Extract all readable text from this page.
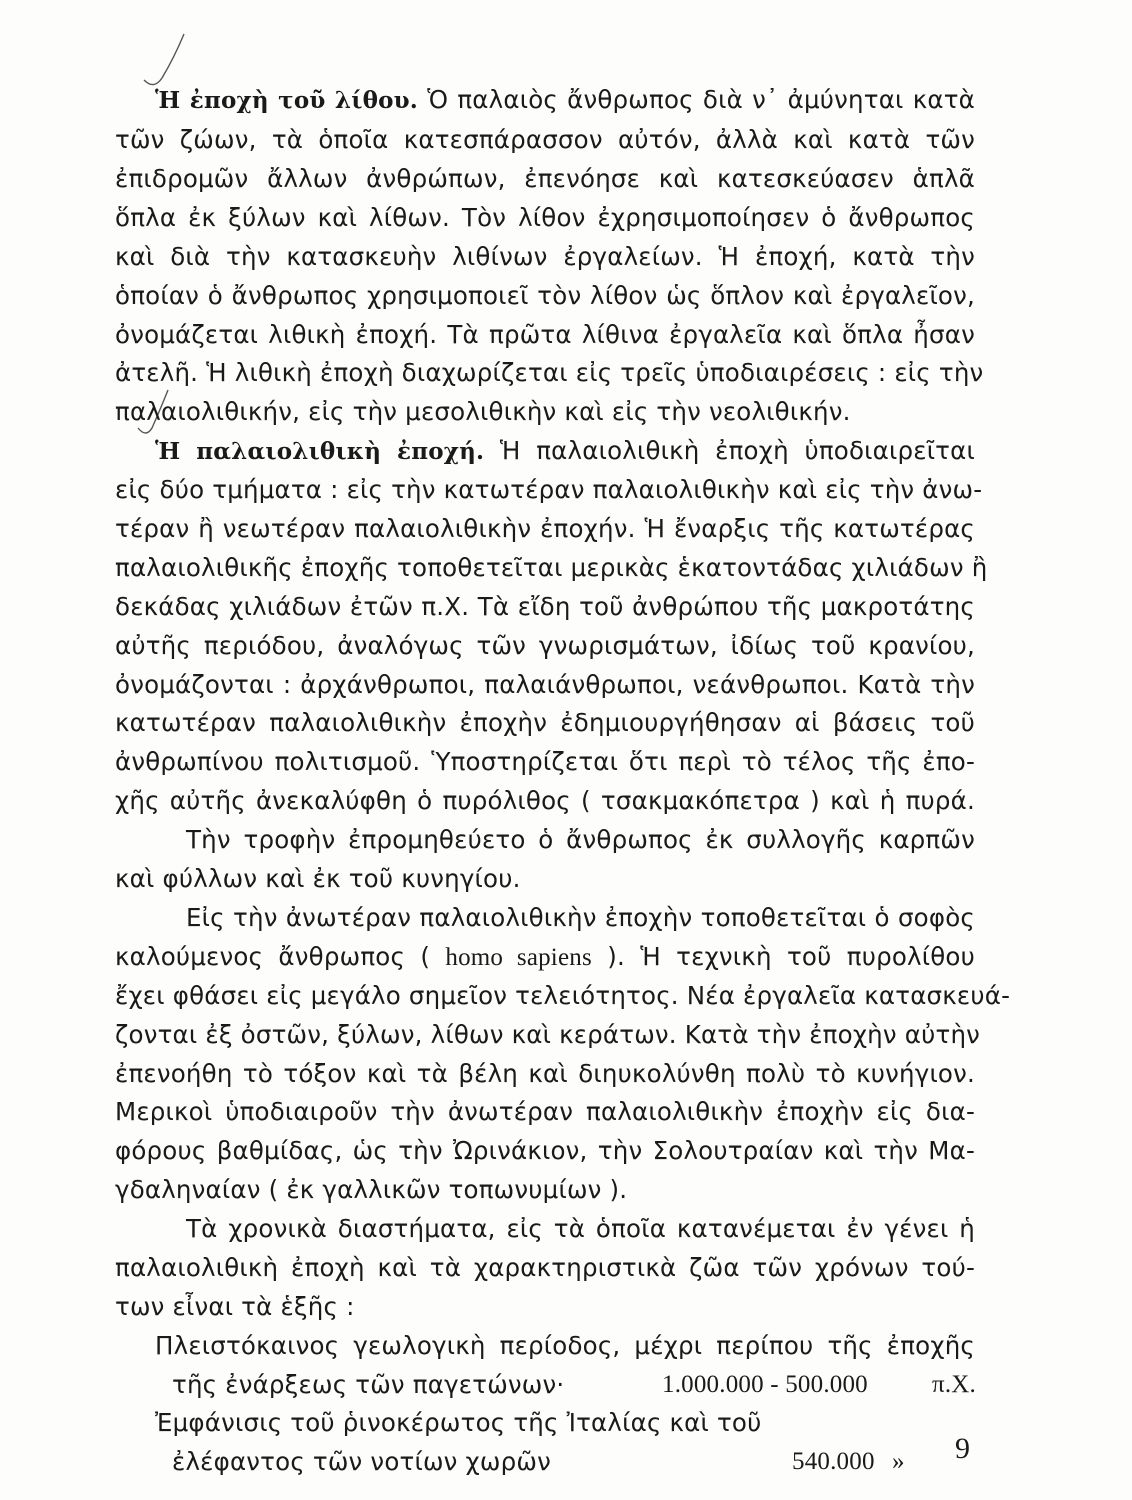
Ἡ ἐποχὴ τοῦ λίθου. Ὁ παλαιὸς ἄνθρωπος διὰ ν᾿ ἀμύνηται κατὰ
τῶν ζώων, τὰ ὁποῖα κατεσπάρασσον αὐτόν, ἀλλὰ καὶ κατὰ τῶν
ἐπιδρομῶν ἄλλων ἀνθρώπων, ἐπενόησε καὶ κατεσκεύασεν ἁπλᾶ
ὅπλα ἐκ ξύλων καὶ λίθων. Τὸν λίθον ἐχρησιμοποίησεν ὁ ἄνθρωπος
καὶ διὰ τὴν κατασκευὴν λιθίνων ἐργαλείων. Ἡ ἐποχή, κατὰ τὴν
ὁποίαν ὁ ἄνθρωπος χρησιμοποιεῖ τὸν λίθον ὡς ὅπλον καὶ ἐργαλεῖον,
ὀνομάζεται λιθικὴ ἐποχή. Τὰ πρῶτα λίθινα ἐργαλεῖα καὶ ὅπλα ἦσαν
ἀτελῆ. Ἡ λιθικὴ ἐποχὴ διαχωρίζεται εἰς τρεῖς ὑποδιαιρέσεις : εἰς τὴν
παλαιολιθικήν, εἰς τὴν μεσολιθικὴν καὶ εἰς τὴν νεολιθικήν.
Ἡ παλαιολιθικὴ ἐποχή. Ἡ παλαιολιθικὴ ἐποχὴ ὑποδιαιρεῖται
εἰς δύο τμήματα : εἰς τὴν κατωτέραν παλαιολιθικὴν καὶ εἰς τὴν ἀνω-
τέραν ἢ νεωτέραν παλαιολιθικὴν ἐποχήν. Ἡ ἔναρξις τῆς κατωτέρας
παλαιολιθικῆς ἐποχῆς τοποθετεῖται μερικὰς ἑκατοντάδας χιλιάδων ἢ
δεκάδας χιλιάδων ἐτῶν π.Χ. Τὰ εἴδη τοῦ ἀνθρώπου τῆς μακροτάτης
αὐτῆς περιόδου, ἀναλόγως τῶν γνωρισμάτων, ἰδίως τοῦ κρανίου,
ὀνομάζονται : ἀρχάνθρωποι, παλαιάνθρωποι, νεάνθρωποι. Κατὰ τὴν
κατωτέραν παλαιολιθικὴν ἐποχὴν ἐδημιουργήθησαν αἱ βάσεις τοῦ
ἀνθρωπίνου πολιτισμοῦ. Ὑποστηρίζεται ὅτι περὶ τὸ τέλος τῆς ἐπο-
χῆς αὐτῆς ἀνεκαλύφθη ὁ πυρόλιθος ( τσακμακόπετρα ) καὶ ἡ πυρά.
Τὴν τροφὴν ἐπρομηθεύετο ὁ ἄνθρωπος ἐκ συλλογῆς καρπῶν
καὶ φύλλων καὶ ἐκ τοῦ κυνηγίου.
Εἰς τὴν ἀνωτέραν παλαιολιθικὴν ἐποχὴν τοποθετεῖται ὁ σοφὸς
καλούμενος ἄνθρωπος ( homo sapiens ). Ἡ τεχνικὴ τοῦ πυρολίθου
ἔχει φθάσει εἰς μεγάλο σημεῖον τελειότητος. Νέα ἐργαλεῖα κατασκευά-
ζονται ἐξ ὀστῶν, ξύλων, λίθων καὶ κεράτων. Κατὰ τὴν ἐποχὴν αὐτὴν
ἐπενοήθη τὸ τόξον καὶ τὰ βέλη καὶ διηυκολύνθη πολὺ τὸ κυνήγιον.
Μερικοὶ ὑποδιαιροῦν τὴν ἀνωτέραν παλαιολιθικὴν ἐποχὴν εἰς δια-
φόρους βαθμίδας, ὡς τὴν Ὠρινάκιον, τὴν Σολουτραίαν καὶ τὴν Μα-
γδαληναίαν ( ἐκ γαλλικῶν τοπωνυμίων ).
Τὰ χρονικὰ διαστήματα, εἰς τὰ ὁποῖα κατανέμεται ἐν γένει ἡ
παλαιολιθικὴ ἐποχὴ καὶ τὰ χαρακτηριστικὰ ζῶα τῶν χρόνων τού-
των εἶναι τὰ ἑξῆς :
Πλειστόκαινος γεωλογικὴ περίοδος, μέχρι περίπου τῆς ἐποχῆς
τῆς ἐνάρξεως τῶν παγετώνων·	1.000.000 - 500.000	π.Χ.
Ἐμφάνισις τοῦ ῥινοκέρωτος τῆς Ἰταλίας καὶ τοῦ
9
ἐλέφαντος τῶν νοτίων χωρῶν	540.000 »
